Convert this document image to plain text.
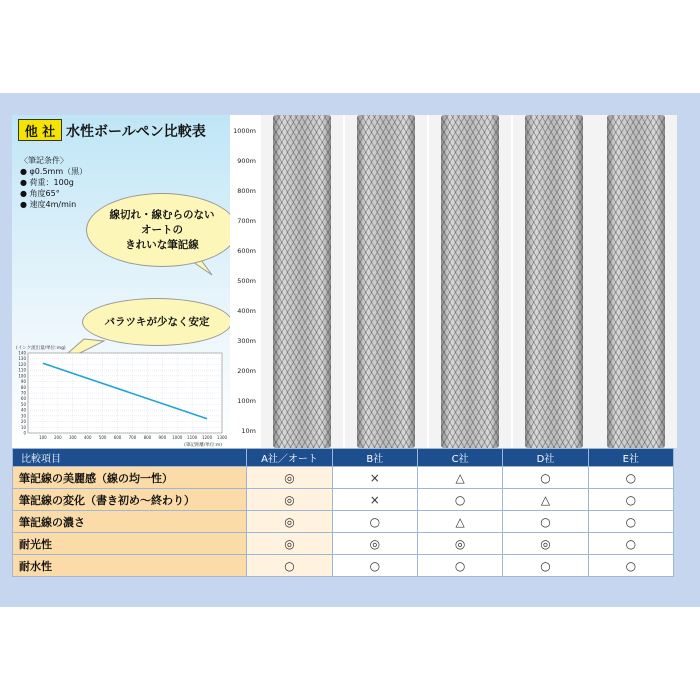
他 社 水性ボールペン比較表
〈筆記条件〉
● φ0.5mm（黒）
● 荷重：100g
● 角度65°
● 速度4m/min
線切れ・線むらのない
オートの
きれいな筆記線
バラツキが少なく安定
0
10
20
30
40
50
60
70
80
90
100
110
120
130
140
100 200 300 400 500 600 700 800 900 1000 1100 1200 1300
(インク流出量/単位:mg)
(筆記距離/単位:m)
1000m
900m
800m
700m
600m
500m
400m
300m
200m
100m
10m
比較項目	A社／オート	B社	C社	D社	E社
筆記線の美麗感（線の均一性）	◎	×	△	○	○
筆記線の変化（書き初め～終わり）	◎	×	○	△	○
筆記線の濃さ	◎	○	△	○	○
耐光性	◎	◎	◎	◎	○
耐水性	○	○	○	○	○
